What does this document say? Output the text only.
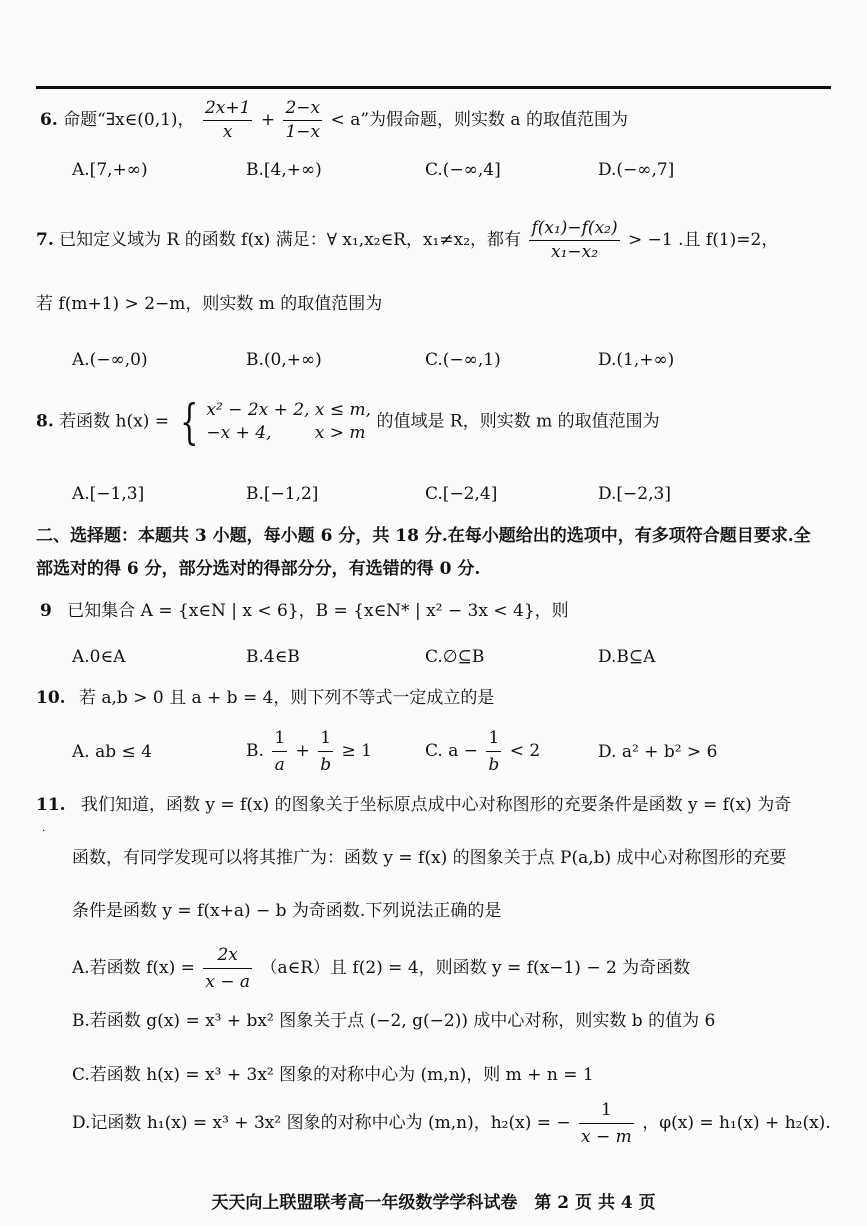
6. 命题“∃x∈(0,1)， $\frac{2x+1}{x} + \frac{2-x}{1-x} < a$”为假命题，则实数 a 的取值范围为
A.[7,+∞)	B.[4,+∞)	C.(−∞,4]	D.(−∞,7]
7. 已知定义域为 R 的函数 f(x) 满足：∀ x₁,x₂∈R，x₁≠x₂，都有 $\frac{\text{f(x₁)−f(x₂)}}{\text{x₁−x₂}} > -1$ .且 f(1)=2，
若 f(m+1) > 2−m，则实数 m 的取值范围为
A.(−∞,0)	B.(0,+∞)	C.(−∞,1)	D.(1,+∞)
8. 若函数 h(x) = { x² − 2x + 2, x ≤ m,
−x + 4,        x > m
的值域是 R，则实数 m 的取值范围为
A.[−1,3]	B.[−1,2]	C.[−2,4]	D.[−2,3]
二、选择题：本题共 3 小题，每小题 6 分，共 18 分.在每小题给出的选项中，有多项符合题目要求.全
部选对的得 6 分，部分选对的得部分分，有选错的得 0 分.
9 已知集合 A = {x∈N | x < 6}，B = {x∈N* | x² − 3x < 4}，则
A.0∈A	B.4∈B	C.∅⊆B	D.B⊆A
10. 若 a,b > 0 且 a + b = 4，则下列不等式一定成立的是
A. ab ≤ 4	B. $\frac{1}{a} + \frac{1}{b} \ge 1$	C. $a - \frac{1}{b} < 2$	D. a² + b² > 6
11. 我们知道，函数 y = f(x) 的图象关于坐标原点成中心对称图形的充要条件是函数 y = f(x) 为奇
·
函数，有同学发现可以将其推广为：函数 y = f(x) 的图象关于点 P(a,b) 成中心对称图形的充要
条件是函数 y = f(x+a) − b 为奇函数.下列说法正确的是
A.若函数 $f(x) = \frac{2x}{x - a}$ （a∈R）且 f(2) = 4，则函数 y = f(x−1) − 2 为奇函数
B.若函数 g(x) = x³ + bx² 图象关于点 (−2, g(−2)) 成中心对称，则实数 b 的值为 6
C.若函数 h(x) = x³ + 3x² 图象的对称中心为 (m,n)，则 m + n = 1
D.记函数 h₁(x) = x³ + 3x² 图象的对称中心为 (m,n)，h₂(x) = − $\frac{1}{x - m}$ ，φ(x) = h₁(x) + h₂(x).
天天向上联盟联考高一年级数学学科试卷　第 2 页 共 4 页
